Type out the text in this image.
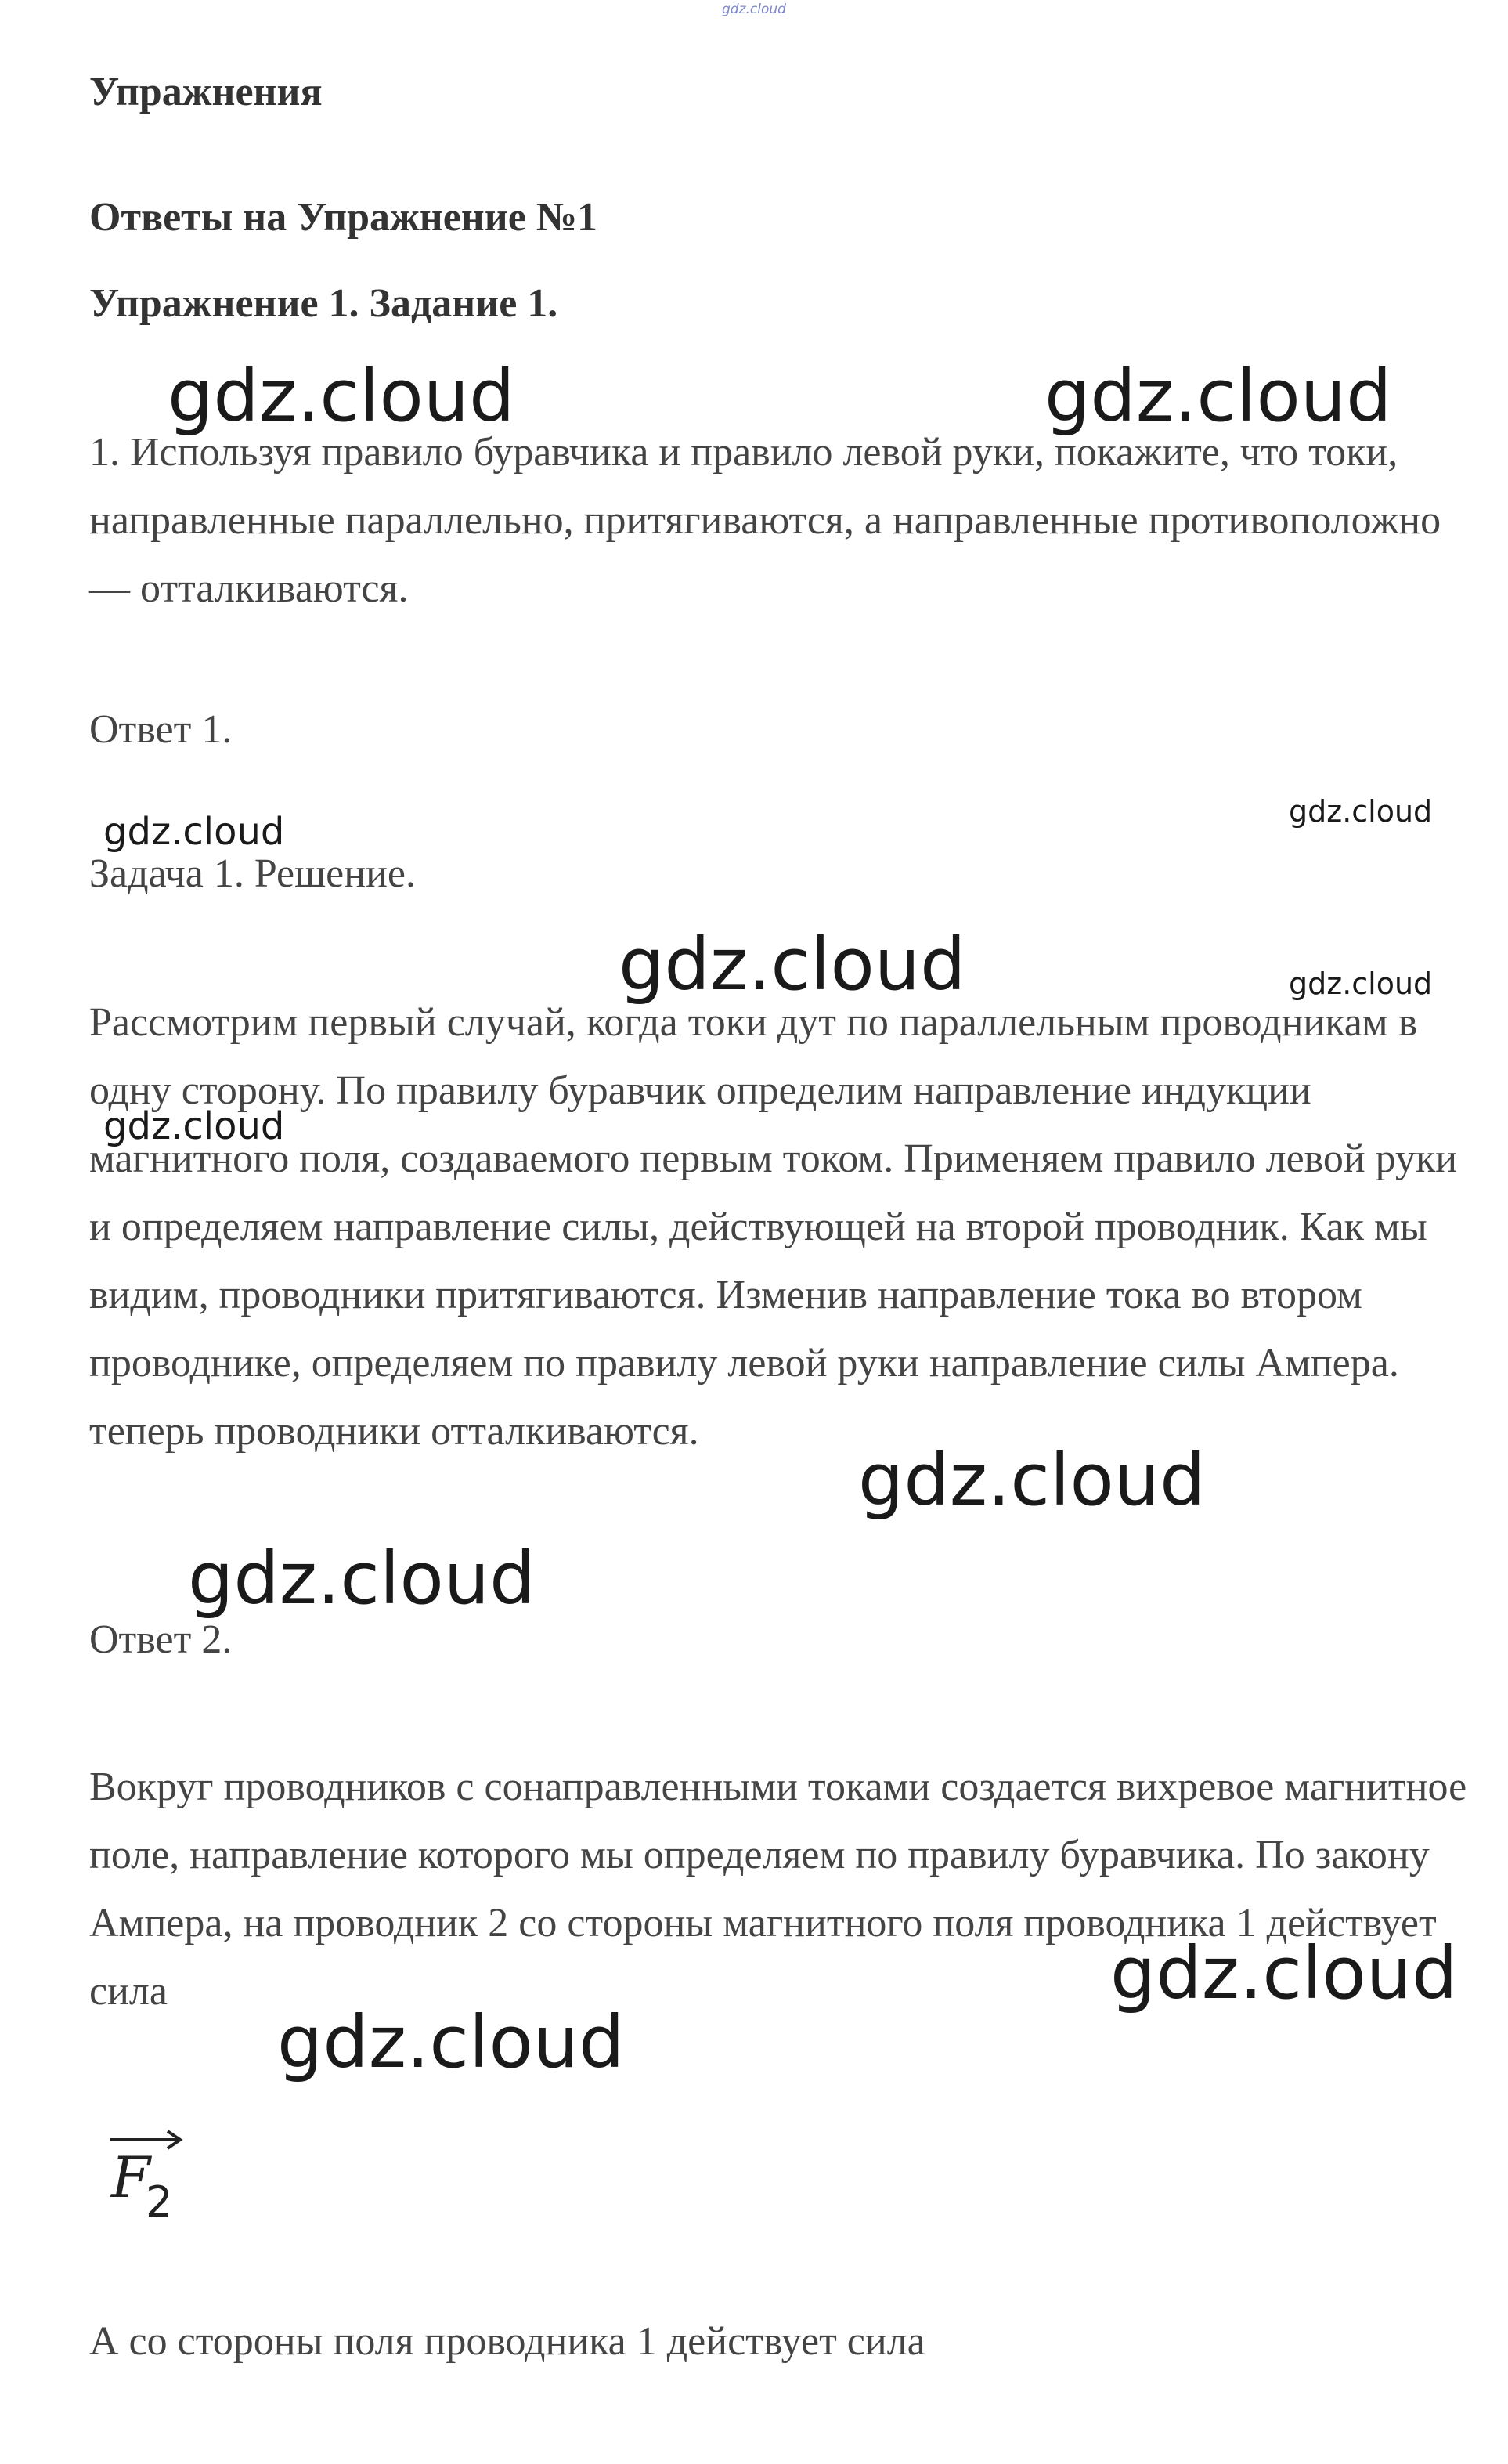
gdz.cloud
Упражнения
Ответы на Упражнение №1
Упражнение 1. Задание 1.
1. Используя правило буравчика и правило левой руки, покажите, что токи, направленные параллельно, притягиваются, а направленные противоположно — отталкиваются.
Ответ 1.
Задача 1. Решение.
Рассмотрим первый случай, когда токи дут по параллельным проводникам в одну сторону. По правилу буравчик определим направление индукции магнитного поля, создаваемого первым током. Применяем правило левой руки и определяем направление силы, действующей на второй проводник. Как мы видим, проводники притягиваются. Изменив направление тока во втором проводнике, определяем по правилу левой руки направление силы Ампера. теперь проводники отталкиваются.
Ответ 2.
Вокруг проводников с сонаправленными токами создается вихревое магнитное поле, направление которого мы определяем по правилу буравчика. По закону Ампера, на проводник 2 со стороны магнитного поля проводника 1 действует сила
F
2
А со стороны поля проводника 1 действует сила
gdz.cloud	gdz.cloud
gdz.cloud	gdz.cloud
gdz.cloud	gdz.cloud
gdz.cloud
gdz.cloud
gdz.cloud
gdz.cloud
gdz.cloud
